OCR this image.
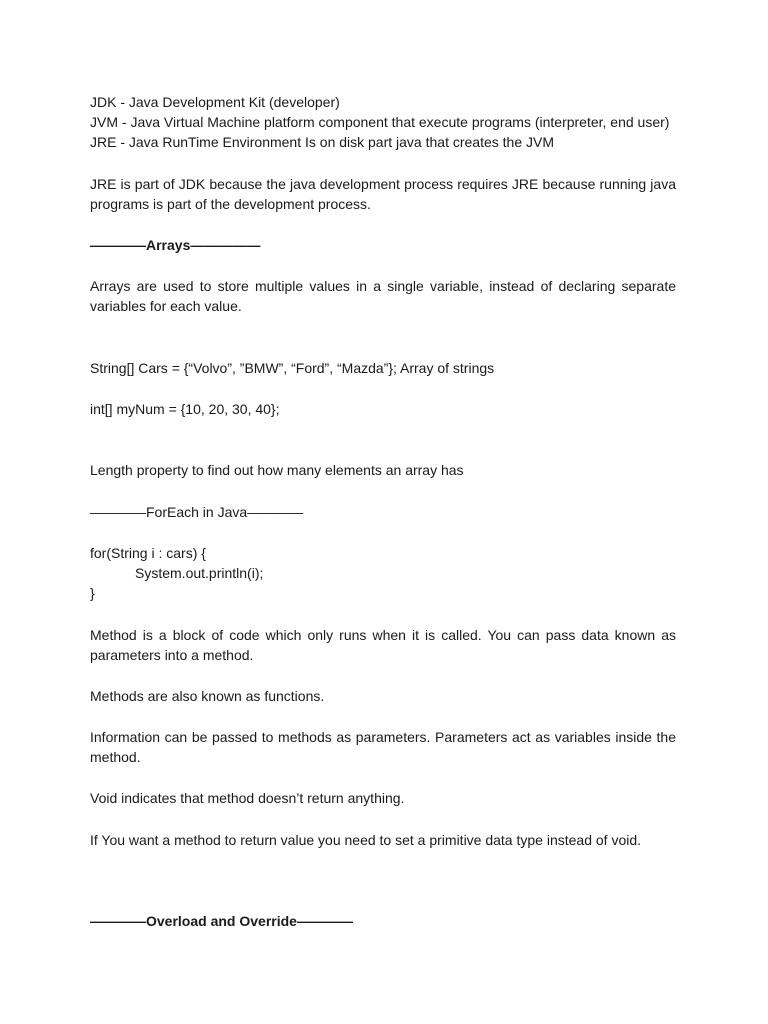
JDK - Java Development Kit (developer)
JVM - Java Virtual Machine platform component that execute programs (interpreter, end user)
JRE - Java RunTime Environment Is on disk part java that creates the JVM

JRE is part of JDK because the java development process requires JRE because running java programs is part of the development process.

————Arrays—————

Arrays are used to store multiple values in a single variable, instead of declaring separate variables for each value.

String[] Cars = {“Volvo”, ”BMW”, “Ford”, “Mazda”}; Array of strings

int[] myNum = {10, 20, 30, 40};

Length property to find out how many elements an array has

————ForEach in Java————

for(String i : cars) {
System.out.println(i);
}

Method is a block of code which only runs when it is called. You can pass data known as parameters into a method.

Methods are also known as functions.

Information can be passed to methods as parameters. Parameters act as variables inside the method.

Void indicates that method doesn’t return anything.

If You want a method to return value you need to set a primitive data type instead of void.

————Overload and Override————
